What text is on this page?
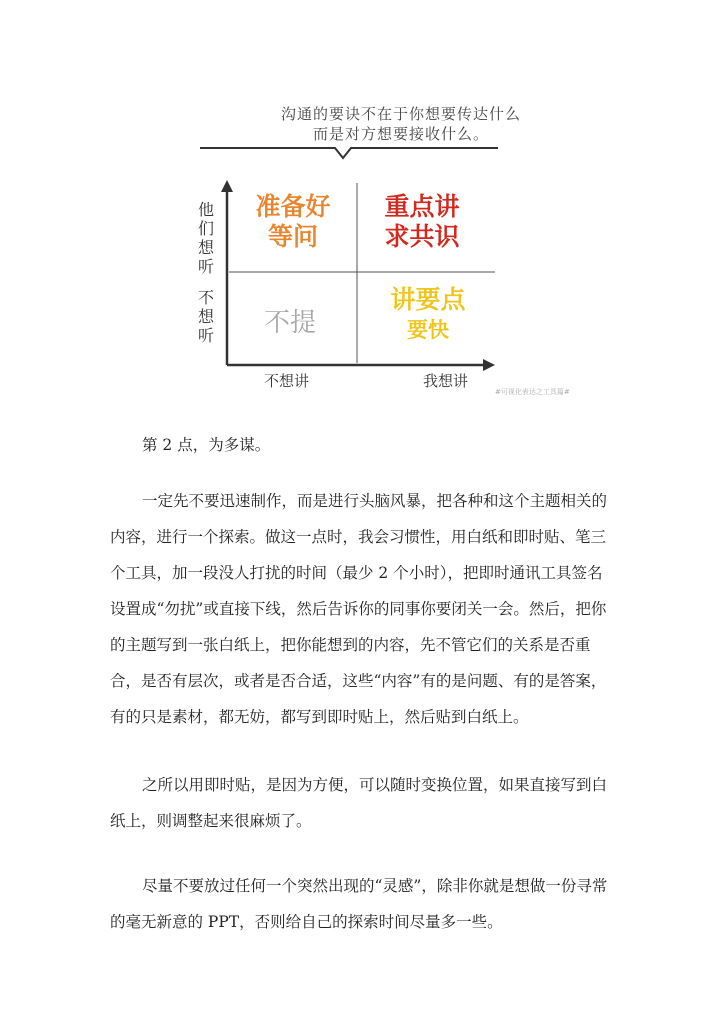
沟通的要诀不在于你想要传达什么
而是对方想要接收什么。
他们想听
不想听
准备好
等问
重点讲
求共识
不提
讲要点
要快
不想讲	我想讲
#可视化表达之工具篇#

第 2 点，为多谋。

一定先不要迅速制作，而是进行头脑风暴，把各种和这个主题相关的内容，进行一个探索。做这一点时，我会习惯性，用白纸和即时贴、笔三个工具，加一段没人打扰的时间（最少 2 个小时），把即时通讯工具签名设置成“勿扰”或直接下线，然后告诉你的同事你要闭关一会。然后，把你的主题写到一张白纸上，把你能想到的内容，先不管它们的关系是否重合，是否有层次，或者是否合适，这些“内容”有的是问题、有的是答案，有的只是素材，都无妨，都写到即时贴上，然后贴到白纸上。

之所以用即时贴，是因为方便，可以随时变换位置，如果直接写到白纸上，则调整起来很麻烦了。

尽量不要放过任何一个突然出现的“灵感”，除非你就是想做一份寻常的毫无新意的 PPT，否则给自己的探索时间尽量多一些。
